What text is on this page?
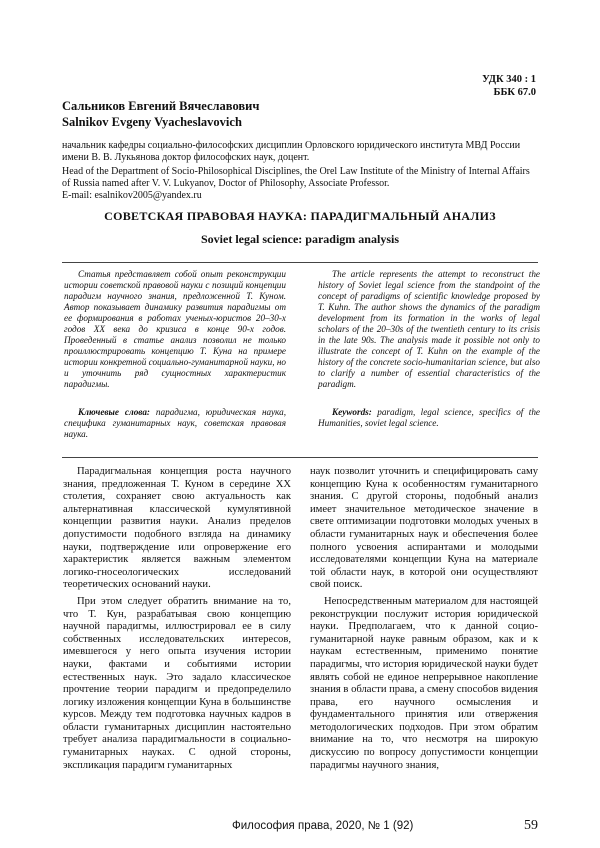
УДК 340 : 1
ББК 67.0
Сальников Евгений Вячеславович
Salnikov Evgeny Vyacheslavovich
начальник кафедры социально-философских дисциплин Орловского юридического института МВД России имени В. В. Лукьянова доктор философских наук, доцент.
Head of the Department of Socio-Philosophical Disciplines, the Orel Law Institute of the Ministry of Internal Affairs of Russia named after V. V. Lukyanov, Doctor of Philosophy, Associate Professor.
E-mail: esalnikov2005@yandex.ru
СОВЕТСКАЯ ПРАВОВАЯ НАУКА: ПАРАДИГМАЛЬНЫЙ АНАЛИЗ
Soviet legal science: paradigm analysis
Статья представляет собой опыт реконструкции истории советской правовой науки с позиций концепции парадигм научного знания, предложенной Т. Куном. Автор показывает динамику развития парадигмы от ее формирования в работах ученых-юристов 20–30-х годов XX века до кризиса в конце 90-х годов. Проведенный в статье анализ позволил не только проиллюстрировать концепцию Т. Куна на примере истории конкретной социально-гуманитарной науки, но и уточнить ряд сущностных характеристик парадигмы.
The article represents the attempt to reconstruct the history of Soviet legal science from the standpoint of the concept of paradigms of scientific knowledge proposed by T. Kuhn. The author shows the dynamics of the paradigm development from its formation in the works of legal scholars of the 20–30s of the twentieth century to its crisis in the late 90s. The analysis made it possible not only to illustrate the concept of T. Kuhn on the example of the history of the concrete socio-humanitarian science, but also to clarify a number of essential characteristics of the paradigm.
Ключевые слова: парадигма, юридическая наука, специфика гуманитарных наук, советская правовая наука.
Keywords: paradigm, legal science, specifics of the Humanities, soviet legal science.

Парадигмальная концепция роста научного знания, предложенная Т. Куном в середине XX столетия, сохраняет свою актуальность как альтернативная классической кумулятивной концепции развития науки. Анализ пределов допустимости подобного взгляда на динамику науки, подтверждение или опровержение его характеристик является важным элементом логико-гносеологических исследований теоретических оснований науки.

При этом следует обратить внимание на то, что Т. Кун, разрабатывая свою концепцию научной парадигмы, иллюстрировал ее в силу собственных исследовательских интересов, имевшегося у него опыта изучения истории науки, фактами и событиями истории естественных наук. Это задало классическое прочтение теории парадигм и предопределило логику изложения концепции Куна в большинстве курсов. Между тем подготовка научных кадров в области гуманитарных дисциплин настоятельно требует анализа парадигмальности в социально-гуманитарных науках. С одной стороны, экспликация парадигм гуманитарных

наук позволит уточнить и специфицировать саму концепцию Куна к особенностям гуманитарного знания. С другой стороны, подобный анализ имеет значительное методическое значение в свете оптимизации подготовки молодых ученых в области гуманитарных наук и обеспечения более полного усвоения аспирантами и молодыми исследователями концепции Куна на материале той области наук, в которой они осуществляют свой поиск.

Непосредственным материалом для настоящей реконструкции послужит история юридической науки. Предполагаем, что к данной социо-гуманитарной науке равным образом, как и к наукам естественным, применимо понятие парадигмы, что история юридической науки будет являть собой не единое непрерывное накопление знания в области права, а смену способов видения права, его научного осмысления и фундаментального принятия или отвержения методологических подходов. При этом обратим внимание на то, что несмотря на широкую дискуссию по вопросу допустимости концепции парадигмы научного знания,

Философия права, 2020, № 1 (92)	59
